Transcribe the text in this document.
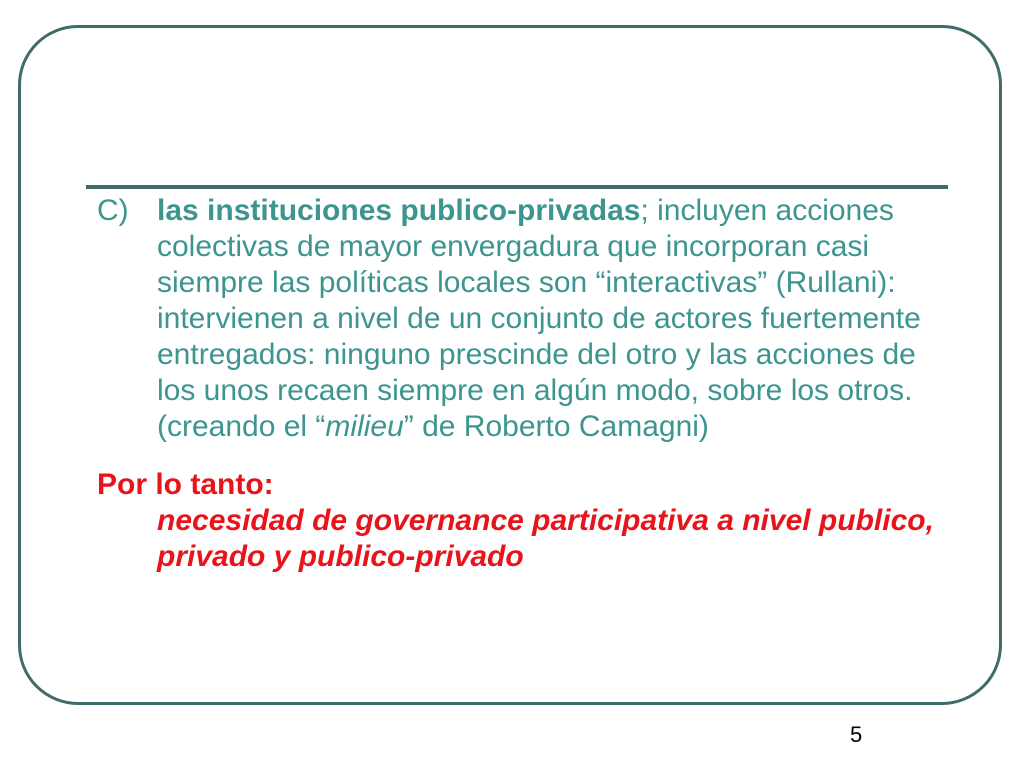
C) las instituciones publico-privadas; incluyen acciones colectivas de mayor envergadura que incorporan casi siempre las políticas locales son “interactivas” (Rullani): intervienen a nivel de un conjunto de actores fuertemente entregados: ninguno prescinde del otro y las acciones de los unos recaen siempre en algún modo, sobre los otros. (creando el “milieu” de Roberto Camagni)
Por lo tanto:
necesidad de governance participativa a nivel publico, privado y publico-privado
5
